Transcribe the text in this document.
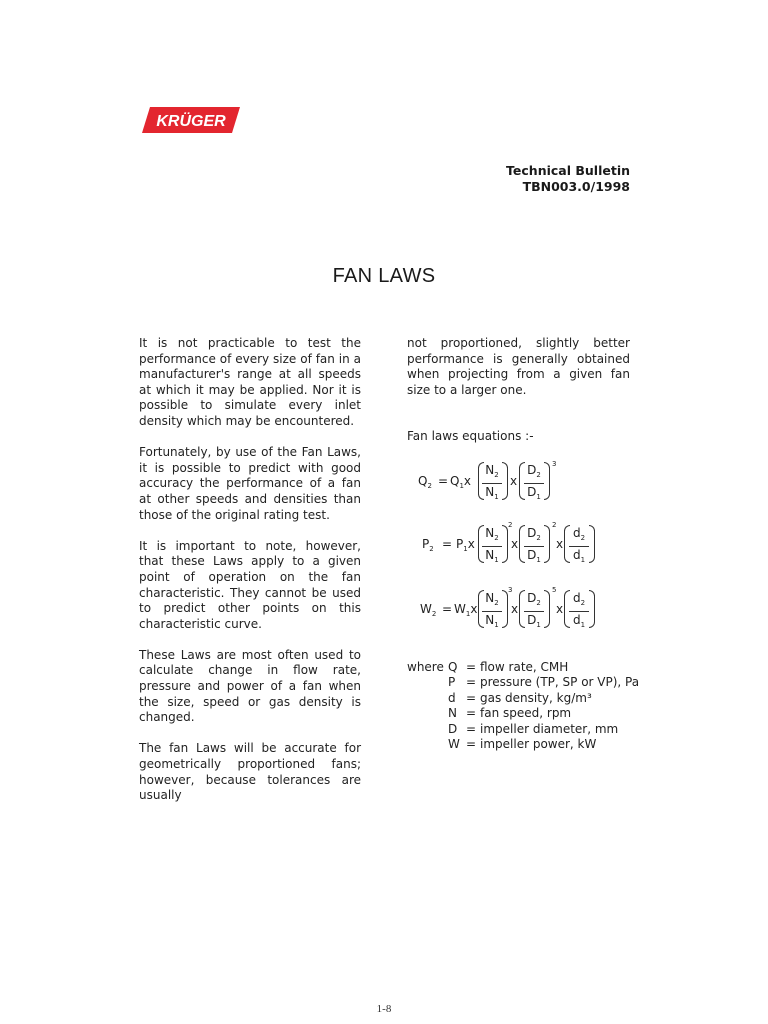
KRÜGER
Technical Bulletin
TBN003.0/1998
FAN LAWS

It is not practicable to test the performance of every size of fan in a manufacturer's range at all speeds at which it may be applied. Nor it is possible to simulate every inlet density which may be encountered.

Fortunately, by use of the Fan Laws, it is possible to predict with good accuracy the performance of a fan at other speeds and densities than those of the original rating test.

It is important to note, however, that these Laws apply to a given point of operation on the fan characteristic. They cannot be used to predict other points on this characteristic curve.

These Laws are most often used to calculate change in flow rate, pressure and power of a fan when the size, speed or gas density is changed.

The fan Laws will be accurate for geometrically proportioned fans; however, because tolerances are usually

not proportioned, slightly better performance is generally obtained when projecting from a given fan size to a larger one.

Fan laws equations :-
$Q_2 = Q_1x \frac{N_2}{N_1}$ x $\frac{D_2}{D_1} 3$
$P_2 = P_1x \frac{N_2}{N_1} 2$
x $\frac{D_2}{D_1} 2$
x $\frac{d_2}{d_1}$
$W_2 = W_1x \frac{N_2}{N_1} 3$
x $\frac{D_2}{D_1} 5$
x $\frac{d_2}{d_1}$
where Q = flow rate, CMH
P = pressure (TP, SP or VP), Pa
d = gas density, kg/m³
N = fan speed, rpm
D = impeller diameter, mm
W = impeller power, kW
1-8
